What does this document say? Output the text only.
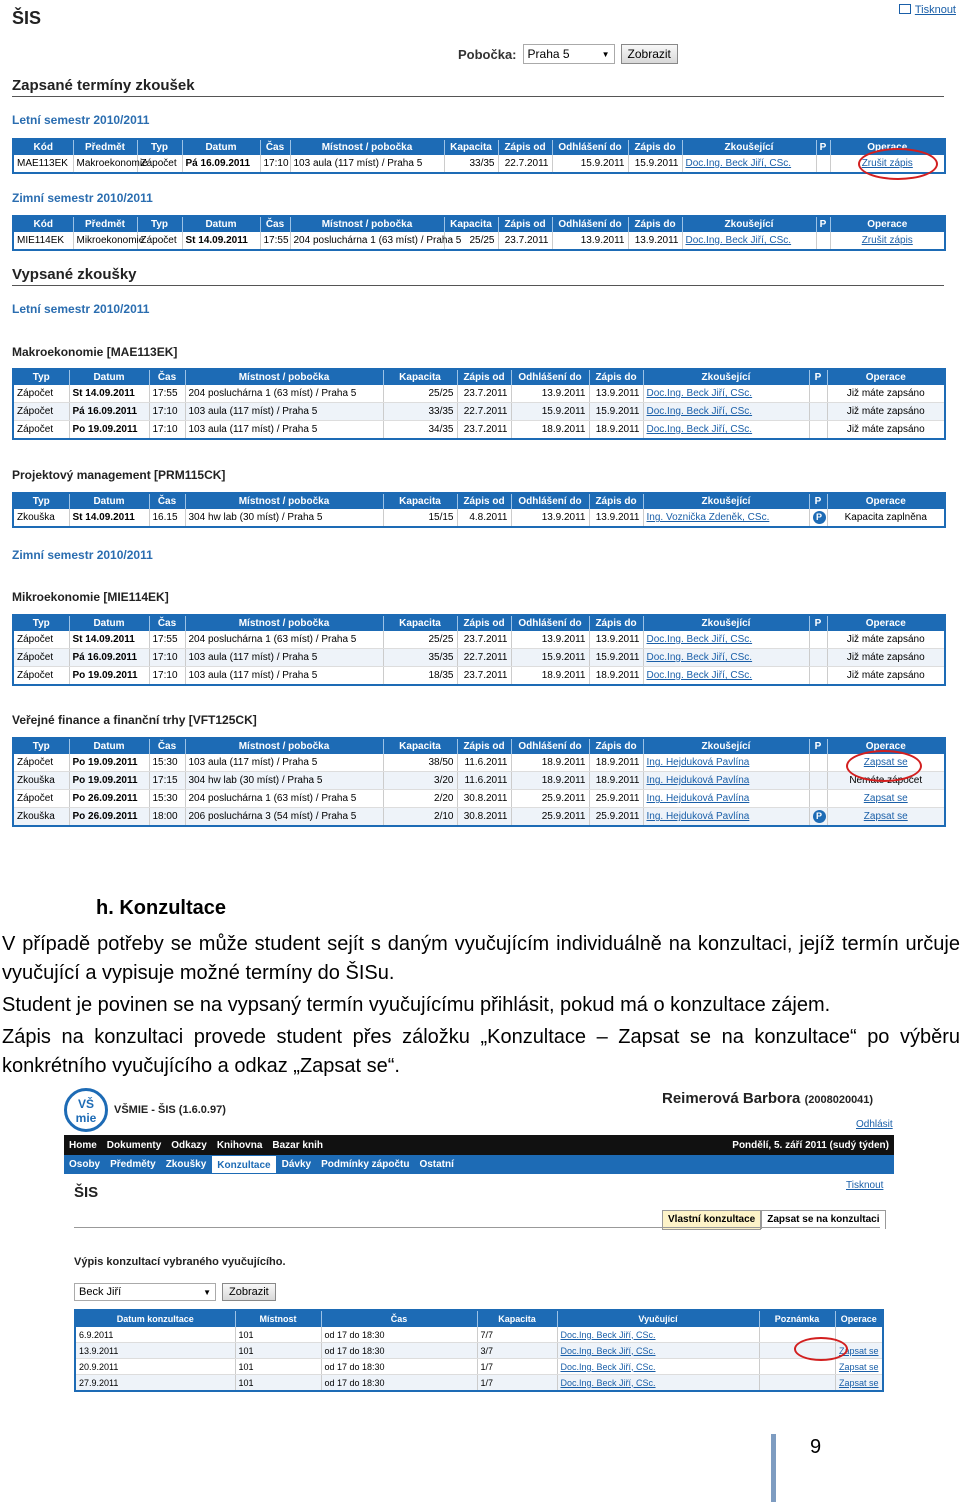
ŠIS	Tisknout
Pobočka: Praha 5	▼	Zobrazit
Zapsané termíny zkoušek
Letní semestr 2010/2011
Kód	Předmět	Typ	Datum	Čas	Místnost / pobočka	Kapacita	Zápis od	Odhlášení do	Zápis do	Zkoušející	P	Operace
MAE113EK	Makroekonomie	Zápočet	Pá 16.09.2011	17:10	103 aula (117 míst) / Praha 5	33/35	22.7.2011	15.9.2011	15.9.2011	Doc.Ing. Beck Jiří, CSc.		Zrušit zápis
Zimní semestr 2010/2011
Kód	Předmět	Typ	Datum	Čas	Místnost / pobočka	Kapacita	Zápis od	Odhlášení do	Zápis do	Zkoušející	P	Operace
MIE114EK	Mikroekonomie	Zápočet	St 14.09.2011	17:55	204 posluchárna 1 (63 míst) / Praha 5	25/25	23.7.2011	13.9.2011	13.9.2011	Doc.Ing. Beck Jiří, CSc.		Zrušit zápis
Vypsané zkoušky
Letní semestr 2010/2011
Makroekonomie [MAE113EK]
Typ	Datum	Čas	Místnost / pobočka	Kapacita	Zápis od	Odhlášení do	Zápis do	Zkoušející	P	Operace
Zápočet	St 14.09.2011	17:55	204 posluchárna 1 (63 míst) / Praha 5	25/25	23.7.2011	13.9.2011	13.9.2011	Doc.Ing. Beck Jiří, CSc.		Již máte zapsáno
Zápočet	Pá 16.09.2011	17:10	103 aula (117 míst) / Praha 5	33/35	22.7.2011	15.9.2011	15.9.2011	Doc.Ing. Beck Jiří, CSc.		Již máte zapsáno
Zápočet	Po 19.09.2011	17:10	103 aula (117 míst) / Praha 5	34/35	23.7.2011	18.9.2011	18.9.2011	Doc.Ing. Beck Jiří, CSc.		Již máte zapsáno
Projektový management [PRM115CK]
Typ	Datum	Čas	Místnost / pobočka	Kapacita	Zápis od	Odhlášení do	Zápis do	Zkoušející	P	Operace
Zkouška	St 14.09.2011	16.15	304 hw lab (30 míst) / Praha 5	15/15	4.8.2011	13.9.2011	13.9.2011	Ing. Voznička Zdeněk, CSc.	P	Kapacita zaplněna
Zimní semestr 2010/2011
Mikroekonomie [MIE114EK]
Typ	Datum	Čas	Místnost / pobočka	Kapacita	Zápis od	Odhlášení do	Zápis do	Zkoušející	P	Operace
Zápočet	St 14.09.2011	17:55	204 posluchárna 1 (63 míst) / Praha 5	25/25	23.7.2011	13.9.2011	13.9.2011	Doc.Ing. Beck Jiří, CSc.		Již máte zapsáno
Zápočet	Pá 16.09.2011	17:10	103 aula (117 míst) / Praha 5	35/35	22.7.2011	15.9.2011	15.9.2011	Doc.Ing. Beck Jiří, CSc.		Již máte zapsáno
Zápočet	Po 19.09.2011	17:10	103 aula (117 míst) / Praha 5	18/35	23.7.2011	18.9.2011	18.9.2011	Doc.Ing. Beck Jiří, CSc.		Již máte zapsáno
Veřejné finance a finanční trhy [VFT125CK]
Typ	Datum	Čas	Místnost / pobočka	Kapacita	Zápis od	Odhlášení do	Zápis do	Zkoušející	P	Operace
Zápočet	Po 19.09.2011	15:30	103 aula (117 míst) / Praha 5	38/50	11.6.2011	18.9.2011	18.9.2011	Ing. Hejduková Pavlína		Zapsat se
Zkouška	Po 19.09.2011	17:15	304 hw lab (30 míst) / Praha 5	3/20	11.6.2011	18.9.2011	18.9.2011	Ing. Hejduková Pavlína		Nemáte zápočet
Zápočet	Po 26.09.2011	15:30	204 posluchárna 1 (63 míst) / Praha 5	2/20	30.8.2011	25.9.2011	25.9.2011	Ing. Hejduková Pavlína		Zapsat se
Zkouška	Po 26.09.2011	18:00	206 posluchárna 3 (54 míst) / Praha 5	2/10	30.8.2011	25.9.2011	25.9.2011	Ing. Hejduková Pavlína	P	Zapsat se
h. Konzultace
V případě potřeby se může student sejít s daným vyučujícím individuálně na konzultaci, jejíž termín určuje vyučující a vypisuje možné termíny do ŠISu.
Student je povinen se na vypsaný termín vyučujícímu přihlásit, pokud má o konzultace zájem.
Zápis na konzultaci provede student přes záložku „Konzultace – Zapsat se na konzultace“ po výběru konkrétního vyučujícího a odkaz „Zapsat se“.
VŠ mie
VŠMIE - ŠIS (1.6.0.97)
Reimerová Barbora (2008020041)
Odhlásit
Home	Dokumenty	Odkazy	Knihovna	Bazar knih	Pondělí, 5. září 2011 (sudý týden)
Osoby	Předměty	Zkoušky	Konzultace	Dávky	Podmínky zápočtu	Ostatní
ŠIS	Tisknout
Vlastní konzultace	Zapsat se na konzultaci
Výpis konzultací vybraného vyučujícího.
Beck Jiří	▼	Zobrazit
Datum konzultace	Místnost	Čas	Kapacita	Vyučující	Poznámka	Operace
6.9.2011	101	od 17 do 18:30	7/7	Doc.Ing. Beck Jiří, CSc.		
13.9.2011	101	od 17 do 18:30	3/7	Doc.Ing. Beck Jiří, CSc.		Zapsat se
20.9.2011	101	od 17 do 18:30	1/7	Doc.Ing. Beck Jiří, CSc.		Zapsat se
27.9.2011	101	od 17 do 18:30	1/7	Doc.Ing. Beck Jiří, CSc.		Zapsat se
9
